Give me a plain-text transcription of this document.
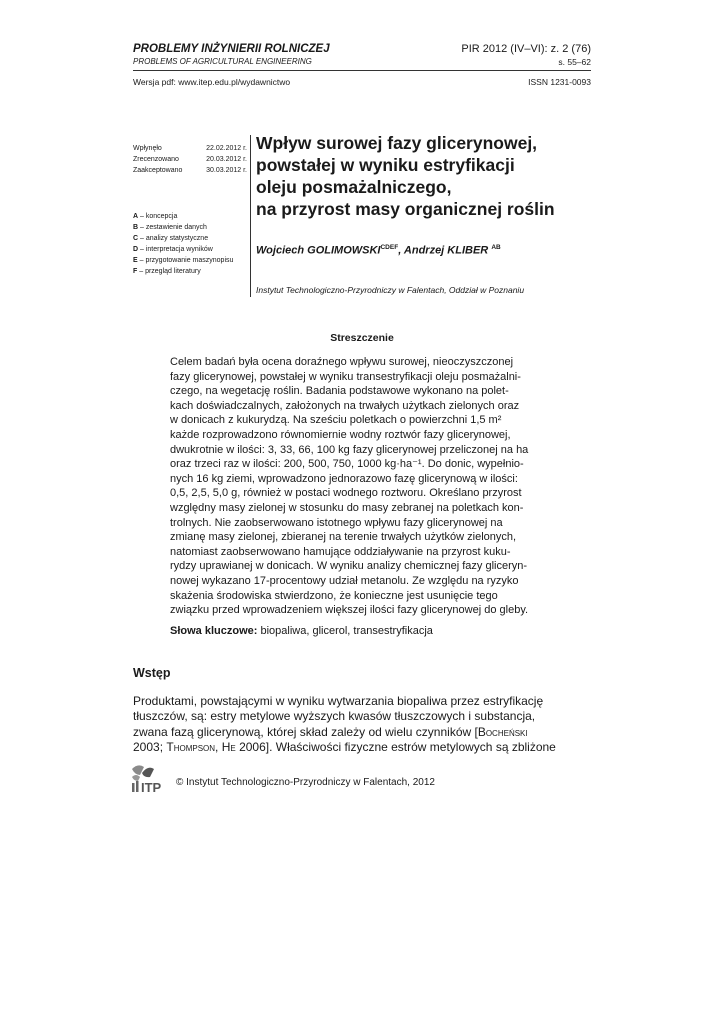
PROBLEMY INŻYNIERII ROLNICZEJ
PROBLEMS OF AGRICULTURAL ENGINEERING
PIR 2012 (IV–VI): z. 2 (76)
s. 55–62
Wersja pdf: www.itep.edu.pl/wydawnictwo	ISSN 1231-0093
Wpłynęło	22.02.2012 r.
Zrecenzowano	20.03.2012 r.
Zaakceptowano	30.03.2012 r.
A – koncepcja
B – zestawienie danych
C – analizy statystyczne
D – interpretacja wyników
E – przygotowanie maszynopisu
F – przegląd literatury
Wpływ surowej fazy glicerynowej,
powstałej w wyniku estryfikacji
oleju posmażalniczego,
na przyrost masy organicznej roślin
Wojciech $GOLIMOWSKI^{CDEF}$, Andrzej KLIBER $^{AB}$
Instytut Technologiczno-Przyrodniczy w Falentach, Oddział w Poznaniu
Streszczenie
Celem badań była ocena doraźnego wpływu surowej, nieoczyszczonej
fazy glicerynowej, powstałej w wyniku transestryfikacji oleju posmażalni-
czego, na wegetację roślin. Badania podstawowe wykonano na polet-
kach doświadczalnych, założonych na trwałych użytkach zielonych oraz
w donicach z kukurydzą. Na sześciu poletkach o powierzchni 1,5 m²
każde rozprowadzono równomiernie wodny roztwór fazy glicerynowej,
dwukrotnie w ilości: 3, 33, 66, 100 kg fazy glicerynowej przeliczonej na ha
oraz trzeci raz w ilości: 200, 500, 750, 1000 kg·ha⁻¹. Do donic, wypełnio-
nych 16 kg ziemi, wprowadzono jednorazowo fazę glicerynową w ilości:
0,5, 2,5, 5,0 g, również w postaci wodnego roztworu. Określano przyrost
względny masy zielonej w stosunku do masy zebranej na poletkach kon-
trolnych. Nie zaobserwowano istotnego wpływu fazy glicerynowej na
zmianę masy zielonej, zbieranej na terenie trwałych użytków zielonych,
natomiast zaobserwowano hamujące oddziaływanie na przyrost kuku-
rydzy uprawianej w donicach. W wyniku analizy chemicznej fazy gliceryn-
nowej wykazano 17-procentowy udział metanolu. Ze względu na ryzyko
skażenia środowiska stwierdzono, że konieczne jest usunięcie tego
związku przed wprowadzeniem większej ilości fazy glicerynowej do gleby.
Słowa kluczowe: biopaliwa, glicerol, transestryfikacja
Wstęp
Produktami, powstającymi w wyniku wytwarzania biopaliwa przez estryfikację
tłuszczów, są: estry metylowe wyższych kwasów tłuszczowych i substancja,
zwana fazą glicerynową, której skład zależy od wielu czynników [Bocheński
2003; Thompson, He 2006]. Właściwości fizyczne estrów metylowych są zbliżone
ITP © Instytut Technologiczno-Przyrodniczy w Falentach, 2012
